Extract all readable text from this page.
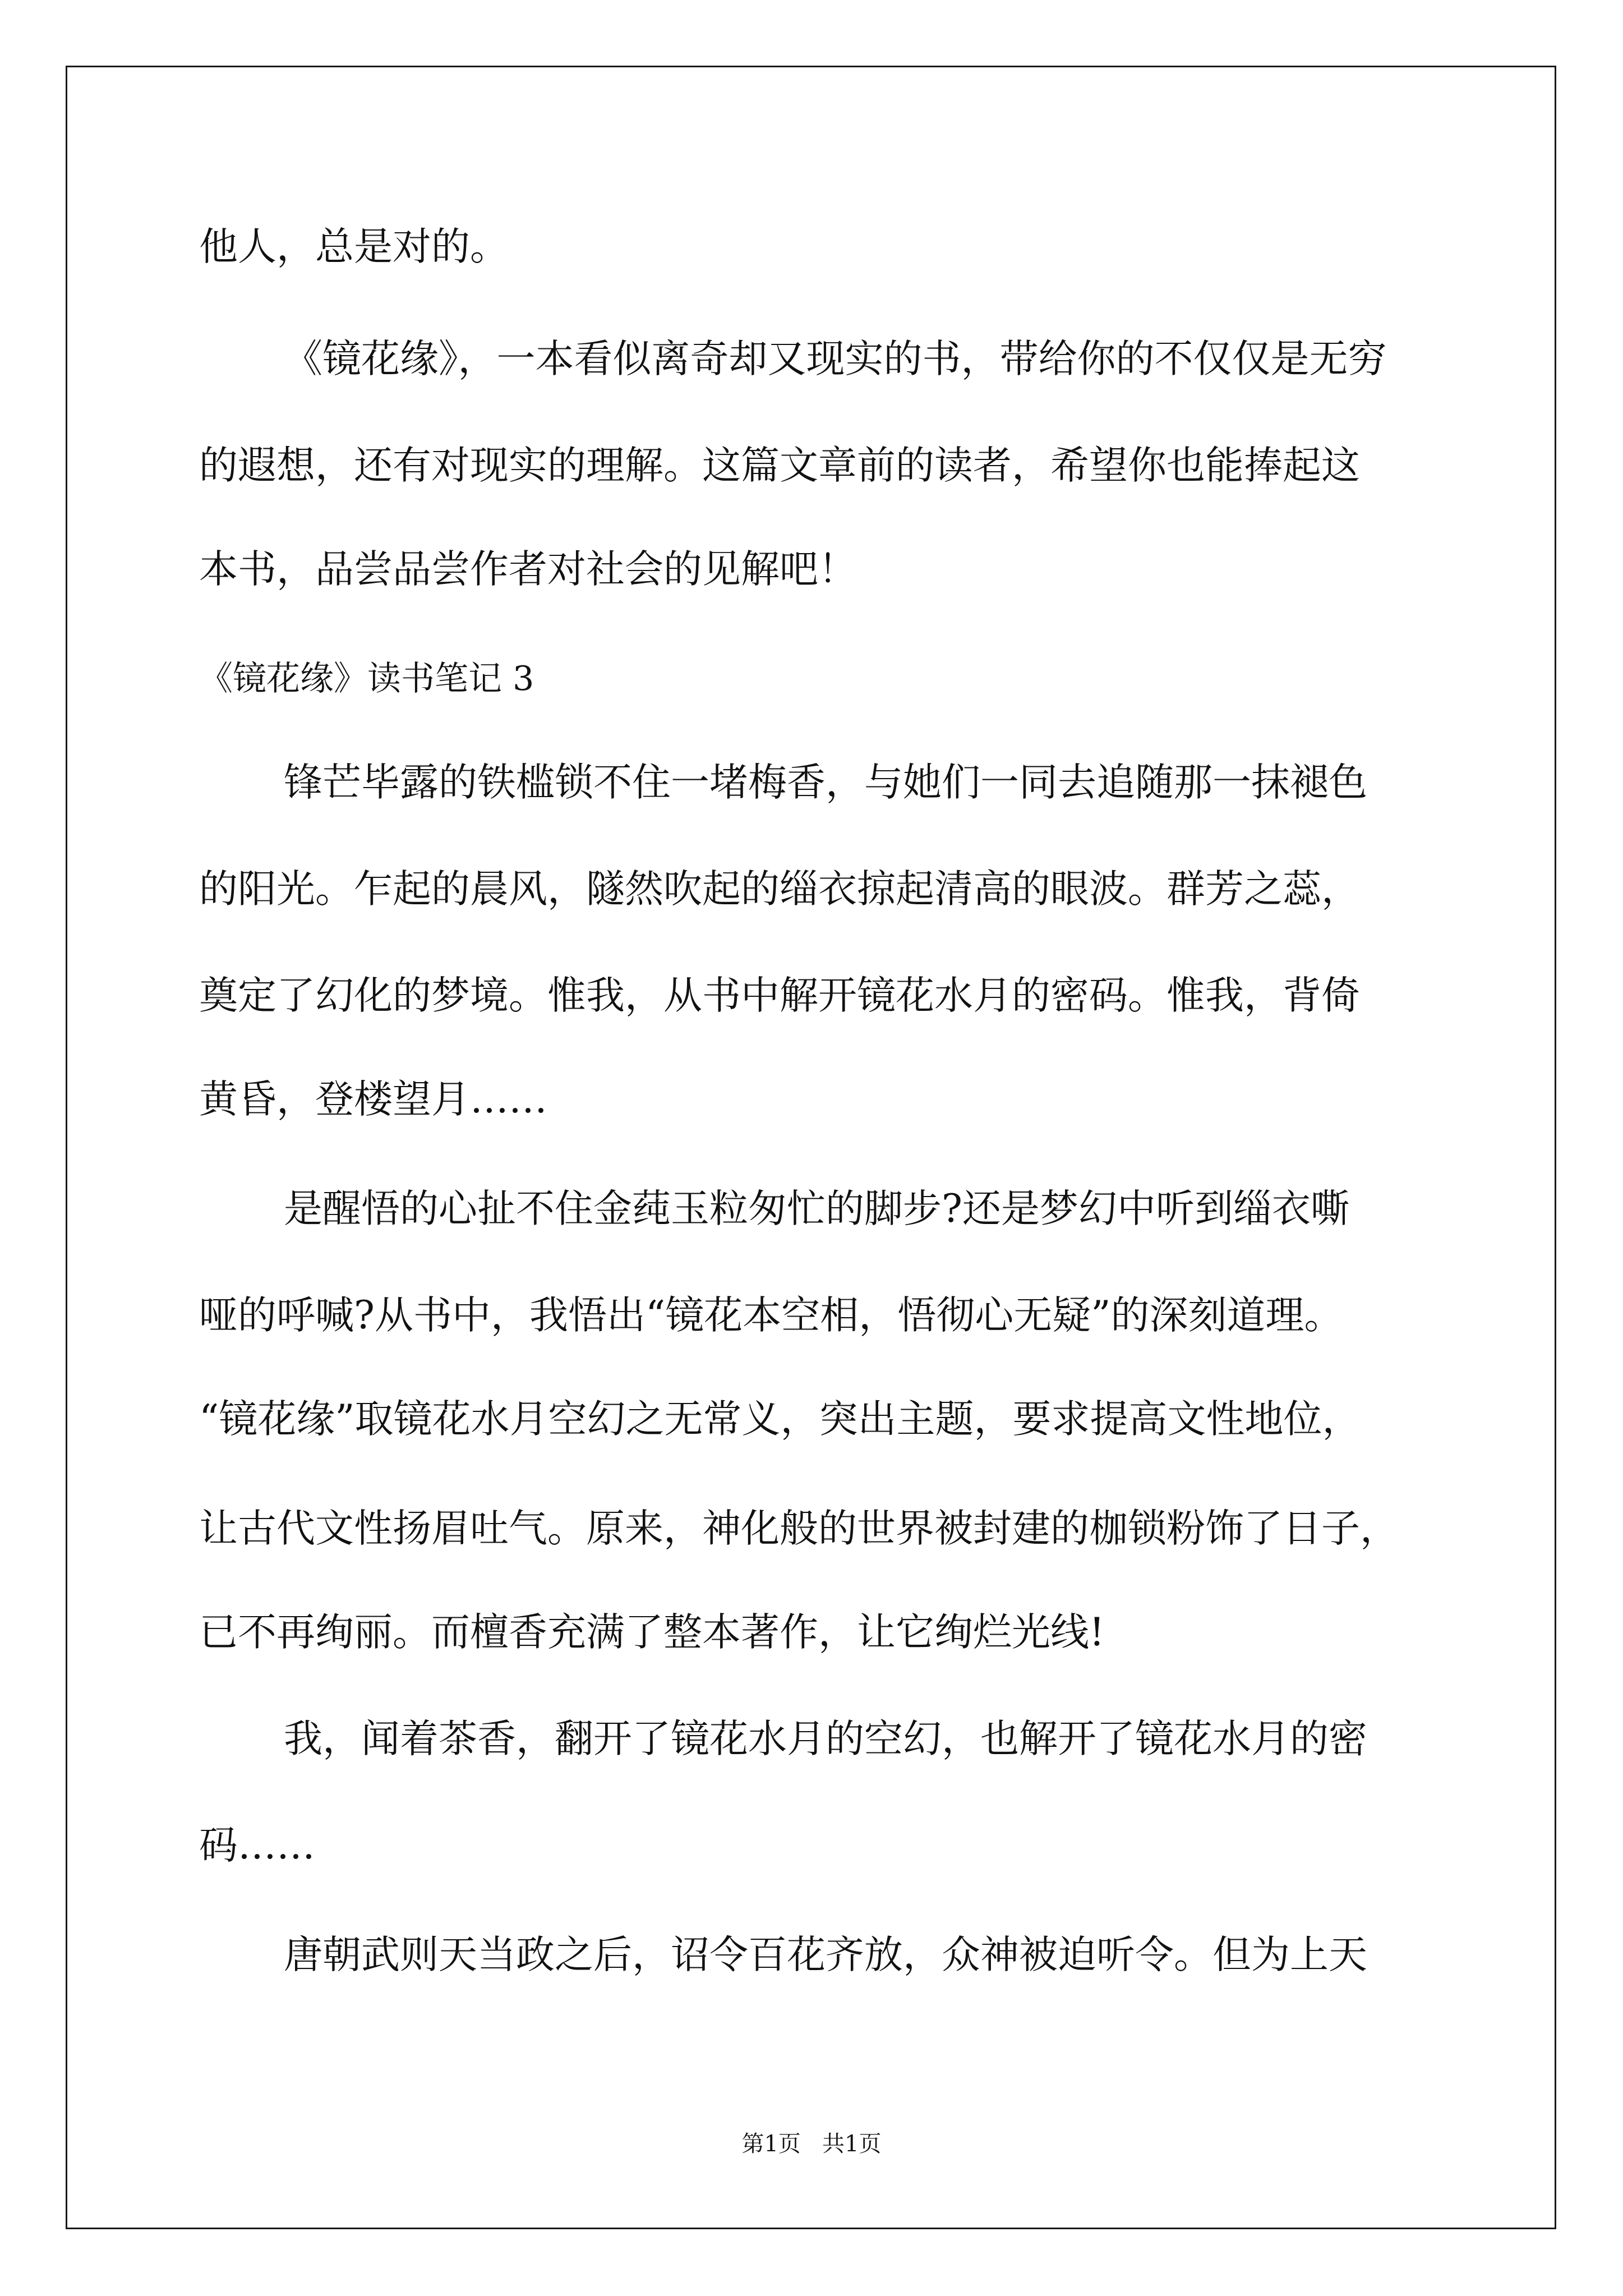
他人，总是对的。

《镜花缘》，一本看似离奇却又现实的书，带给你的不仅仅是无穷

的遐想，还有对现实的理解。这篇文章前的读者，希望你也能捧起这

本书，品尝品尝作者对社会的见解吧！

《镜花缘》读书笔记 3

锋芒毕露的铁槛锁不住一堵梅香，与她们一同去追随那一抹褪色

的阳光。乍起的晨风，隧然吹起的缁衣掠起清高的眼波。群芳之蕊，

奠定了幻化的梦境。惟我，从书中解开镜花水月的密码。惟我，背倚

黄昏，登楼望月……

是醒悟的心扯不住金莼玉粒匆忙的脚步?还是梦幻中听到缁衣嘶

哑的呼喊?从书中，我悟出“镜花本空相，悟彻心无疑”的深刻道理。

“镜花缘”取镜花水月空幻之无常义，突出主题，要求提高文性地位，

让古代文性扬眉吐气。原来，神化般的世界被封建的枷锁粉饰了日子，

已不再绚丽。而檀香充满了整本著作，让它绚烂光线!

我，闻着茶香，翻开了镜花水月的空幻，也解开了镜花水月的密

码……

唐朝武则天当政之后，诏令百花齐放，众神被迫听令。但为上天

第1页   共1页
